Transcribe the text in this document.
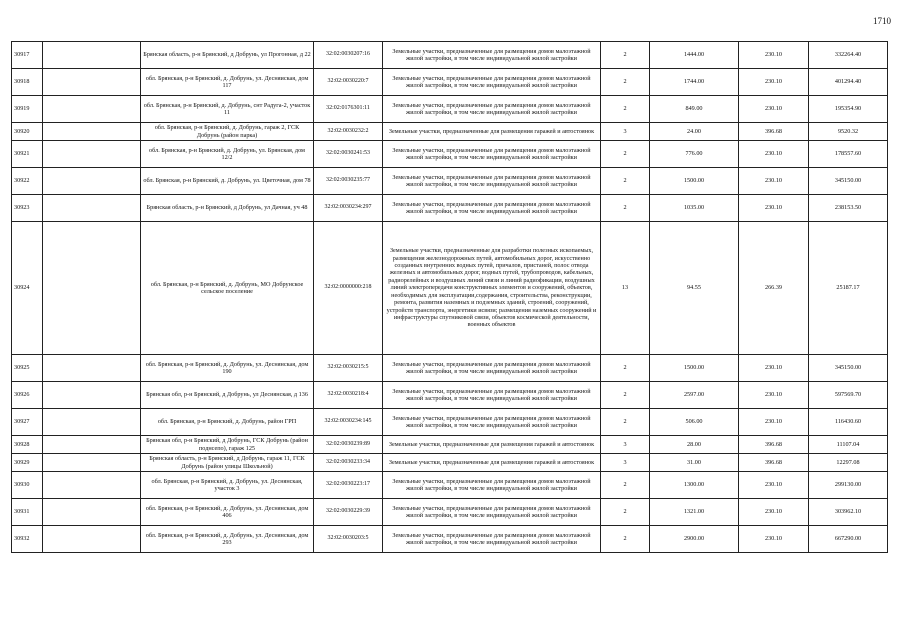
1710
30917		Брянская область, р-н Брянский, д Добрунь, ул Прогонная, д 22	32:02:0030207:16	Земельные участки, предназначенные для размещения домов малоэтажной жилой застройки, в том числе индивидуальной жилой застройки	2	1444.00	230.10	332264.40
30918		обл. Брянская, р-н Брянский, д. Добрунь, ул. Десняиская, дом 117	32:02:0030220:7	Земельные участки, предназначенные для размещения домов малоэтажной жилой застройки, в том числе индивидуальной жилой застройки	2	1744.00	230.10	401294.40
30919		обл. Брянская, р-н Брянский, д. Добрунь, снт Радуга-2, участок 11	32:02:0176301:11	Земельные участки, предназначенные для размещения домов малоэтажной жилой застройки, в том числе индивидуальной жилой застройки	2	849.00	230.10	195354.90
30920		обл. Брянская, р-н Брянский, д. Добрунь, гараж 2, ГСК Добрунь (район парка)	32:02:0030232:2	Земельные участки, предназначенные для размещения гаражей и автостоянок	3	24.00	396.68	9520.32
30921		обл. Брянская, р-н Брянский, д. Добрунь, ул. Брянская, дом 12/2	32:02:0030241:53	Земельные участки, предназначенные для размещения домов малоэтажной жилой застройки, в том числе индивидуальной жилой застройки	2	776.00	230.10	178557.60
30922		обл. Брянская, р-н Брянский, д. Добрунь, ул. Цветочная, дом 78	32:02:0030235:77	Земельные участки, предназначенные для размещения домов малоэтажной жилой застройки, в том числе индивидуальной жилой застройки	2	1500.00	230.10	345150.00
30923		Брянская область, р-н Брянский, д Добрунь, ул Дачная, уч 48	32:02:0030234:297	Земельные участки, предназначенные для размещения домов малоэтажной жилой застройки, в том числе индивидуальной жилой застройки	2	1035.00	230.10	238153.50
30924		обл. Брянская, р-н Брянский, д. Добрунь, МО Добрунское сельское поселение	32:02:0000000:218	Земельные участки, предназначенные для разработки полезных ископаемых, размещения железнодорожных путей, автомобильных дорог, искусственно созданных внутренних водных путей, причалов, пристаней, полос отвода железных и автомобильных дорог, водных путей, трубопроводов, кабельных, радиорелейных и воздушных линий связи и линий радиофикации, воздушных линий электропередачи конструктивных элементов и сооружений, объектов, необходимых для эксплуатации,содержания, строительства, реконструкции, ремонта, развития наземных и подземных зданий, строений, сооружений, устройств транспорта, энергетики исвязи; размещения наземных сооружений и инфраструктуры спутниковой связи, объектов космической деятельности, военных объектов	13	94.55	266.39	25187.17
30925		обл. Брянская, р-н Брянский, д. Добрунь, ул. Деснянская, дом 190	32:02:0030215:5	Земельные участки, предназначенные для размещения домов малоэтажной жилой застройки, в том числе индивидуальной жилой застройки	2	1500.00	230.10	345150.00
30926		Брянская обл, р-н Брянский, д Добрунь, ул Деснянская, д 136	32:02:0030218:4	Земельные участки, предназначенные для размещения домов малоэтажной жилой застройки, в том числе индивидуальной жилой застройки	2	2597.00	230.10	597569.70
30927		обл. Брянская, р-н Брянский, д. Добрунь, район ГРП	32:02:0030234:145	Земельные участки, предназначенные для размещения домов малоэтажной жилой застройки, в том числе индивидуальной жилой застройки	2	506.00	230.10	116430.60
30928		Брянская обл, р-н Брянский, д Добрунь, ГСК Добрунь (район поднсепо), гараж 125	32:02:0030239:89	Земельные участки, предназначенные для размещения гаражей и автостоянок	3	28.00	396.68	11107.04
30929		Брянская область, р-н Брянский, д Добрунь, гараж 11, ГСК Добрунь (район улицы Школьной)	32:02:0030233:34	Земельные участки, предназначенные для размещения гаражей и автостоянок	3	31.00	396.68	12297.08
30930		обл. Брянская, р-н Брянский, д. Добрунь, ул. Деснянская, участок 3	32:02:0030223:17	Земельные участки, предназначенные для размещения домов малоэтажной жилой застройки, в том числе индивидуальной жилой застройки	2	1300.00	230.10	299130.00
30931		обл. Брянская, р-н Брянский, д. Добрунь, ул. Деснянская, дом 406	32:02:0030229:39	Земельные участки, предназначенные для размещения домов малоэтажной жилой застройки, в том числе индивидуальной жилой застройки	2	1321.00	230.10	303962.10
30932		обл. Брянская, р-н Брянский, д. Добрунь, ул. Деснянская, дом 293	32:02:0030203:5	Земельные участки, предназначенные для размещения домов малоэтажной жилой застройки, в том числе индивидуальной жилой застройки	2	2900.00	230.10	667290.00
